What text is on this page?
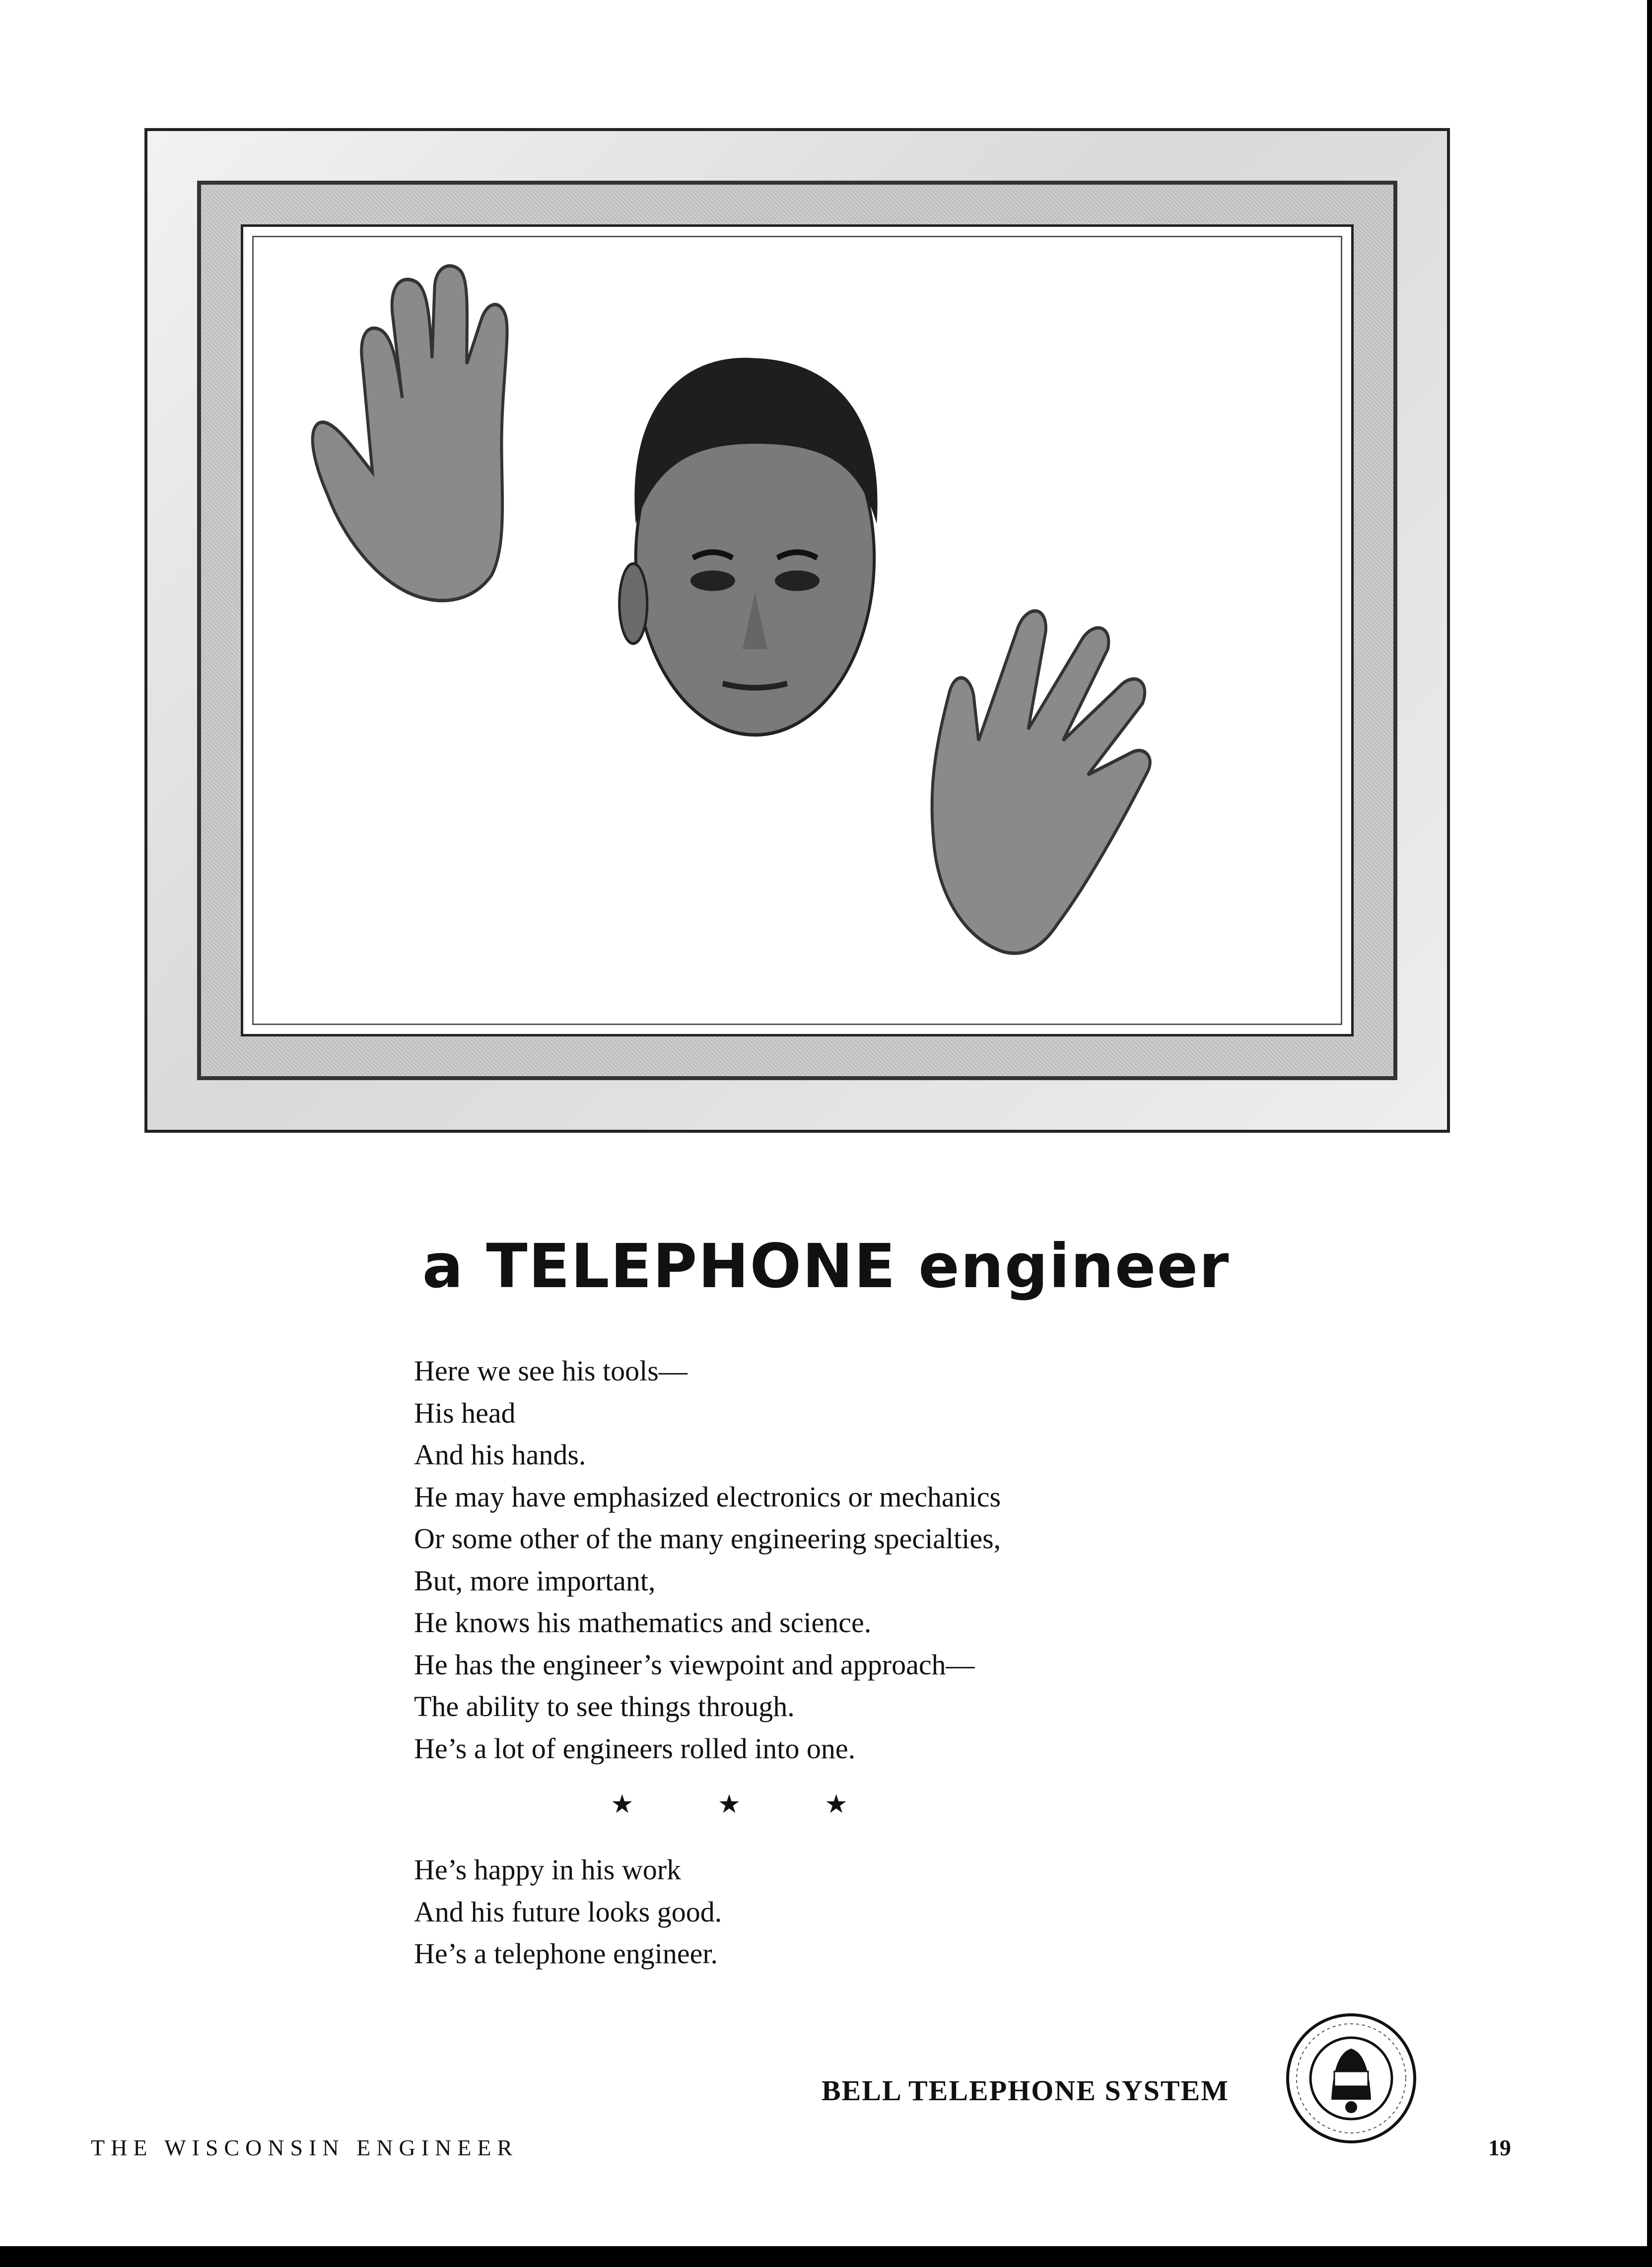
a TELEPHONE engineer
Here we see his tools—
His head
And his hands.
He may have emphasized electronics or mechanics
Or some other of the many engineering specialties,
But, more important,
He knows his mathematics and science.
He has the engineer’s viewpoint and approach—
The ability to see things through.
He’s a lot of engineers rolled into one.
★ ★ ★
He’s happy in his work
And his future looks good.
He’s a telephone engineer.
BELL TELEPHONE SYSTEM
THE WISCONSIN ENGINEER	19
